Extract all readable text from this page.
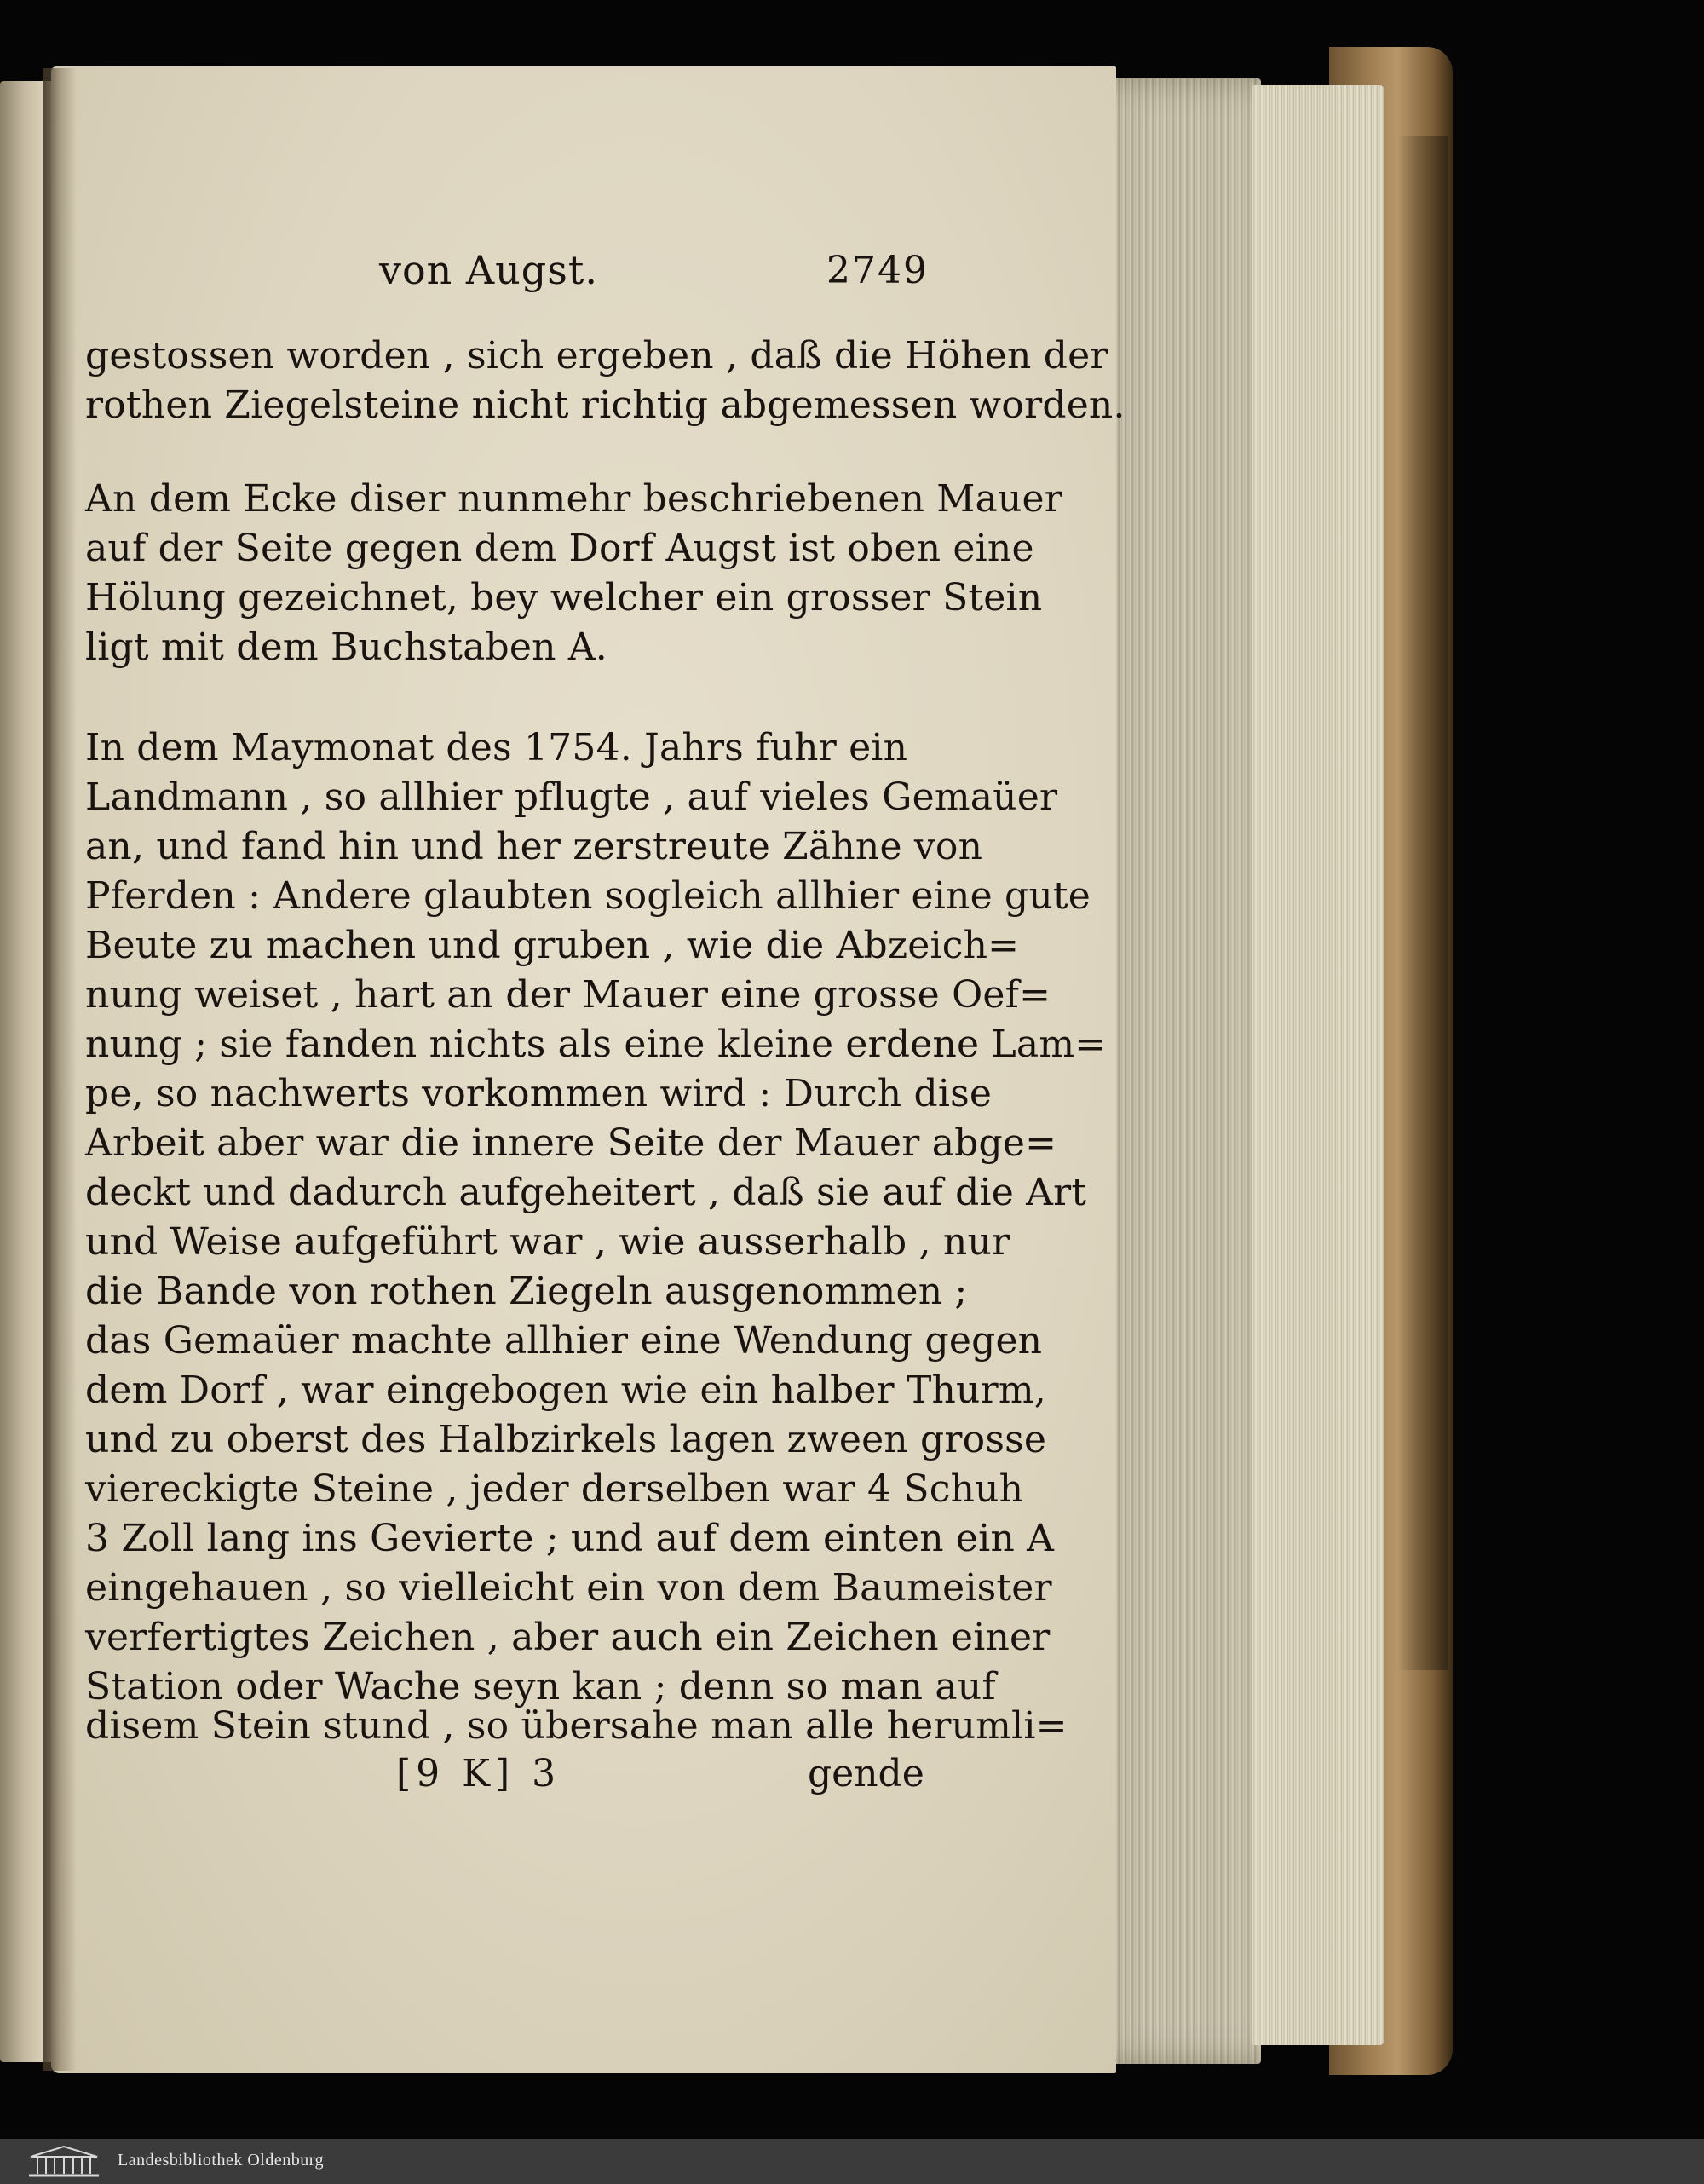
von Augst.	2749
gestossen worden , sich ergeben , daß die Höhen der
rothen Ziegelsteine nicht richtig abgemessen worden.
An dem Ecke diser nunmehr beschriebenen Mauer
auf der Seite gegen dem Dorf Augst ist oben eine
Hölung gezeichnet, bey welcher ein grosser Stein
ligt mit dem Buchstaben A.
In dem Maymonat des 1754. Jahrs fuhr ein
Landmann , so allhier pflugte , auf vieles Gemaüer
an, und fand hin und her zerstreute Zähne von
Pferden : Andere glaubten sogleich allhier eine gute
Beute zu machen und gruben , wie die Abzeich=
nung weiset , hart an der Mauer eine grosse Oef=
nung ; sie fanden nichts als eine kleine erdene Lam=
pe, so nachwerts vorkommen wird : Durch dise
Arbeit aber war die innere Seite der Mauer abge=
deckt und dadurch aufgeheitert , daß sie auf die Art
und Weise aufgeführt war , wie ausserhalb , nur
die Bande von rothen Ziegeln ausgenommen ;
das Gemaüer machte allhier eine Wendung gegen
dem Dorf , war eingebogen wie ein halber Thurm,
und zu oberst des Halbzirkels lagen zween grosse
viereckigte Steine , jeder derselben war 4 Schuh
3 Zoll lang ins Gevierte ; und auf dem einten ein A
eingehauen , so vielleicht ein von dem Baumeister
verfertigtes Zeichen , aber auch ein Zeichen einer
Station oder Wache seyn kan ; denn so man auf
disem Stein stund , so übersahe man alle herumli=
[9 K] 3	gende
Landesbibliothek Oldenburg
